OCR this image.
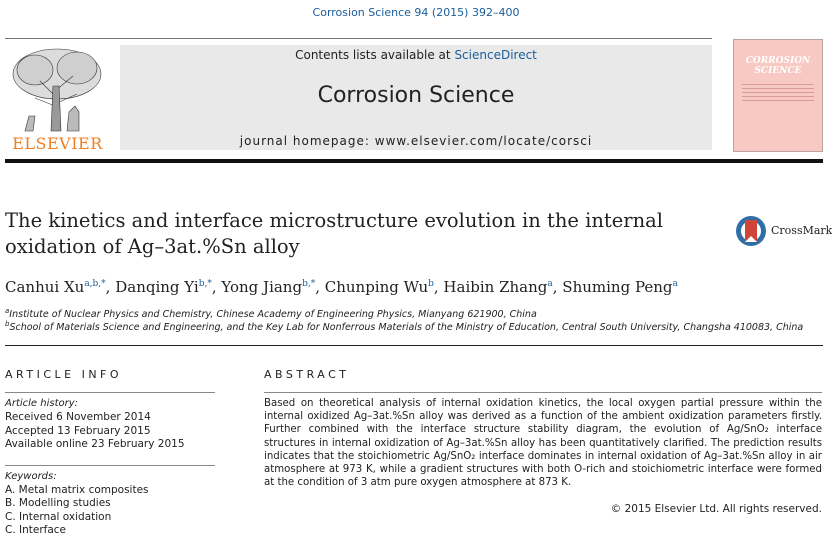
Corrosion Science 94 (2015) 392–400
ELSEVIER
Contents lists available at ScienceDirect
Corrosion Science
journal homepage: www.elsevier.com/locate/corsci
CORROSION
SCIENCE
The kinetics and interface microstructure evolution in the internal
oxidation of Ag–3at.%Sn alloy
CrossMark
Canhui $Xu^{a,b,*}$, Danqing $Yi^{b,*}$, Yong Jiang$^{b,*}$, Chunping Wu$^b$, Haibin Zhang$^a$, Shuming Peng$^a$
$^a$Institute of Nuclear Physics and Chemistry, Chinese Academy of Engineering Physics, Mianyang 621900, China
$^b$School of Materials Science and Engineering, and the Key Lab for Nonferrous Materials of the Ministry of Education, Central South University, Changsha 410083, China
ARTICLE INFO	ABSTRACT
Article history:
Received 6 November 2014
Accepted 13 February 2015
Available online 23 February 2015
Keywords:
A. Metal matrix composites
B. Modelling studies
C. Internal oxidation
C. Interface
Based on theoretical analysis of internal oxidation kinetics, the local oxygen partial pressure within the internal oxidized Ag–3at.%Sn alloy was derived as a function of the ambient oxidization parameters firstly. Further combined with the interface structure stability diagram, the evolution of Ag/SnO₂ interface structures in internal oxidization of Ag–3at.%Sn alloy has been quantitatively clarified. The prediction results indicates that the stoichiometric Ag/SnO₂ interface dominates in internal oxidation of Ag–3at.%Sn alloy in air atmosphere at 973 K, while a gradient structures with both O-rich and stoichiometric interface were formed at the condition of 3 atm pure oxygen atmosphere at 873 K.
© 2015 Elsevier Ltd. All rights reserved.
